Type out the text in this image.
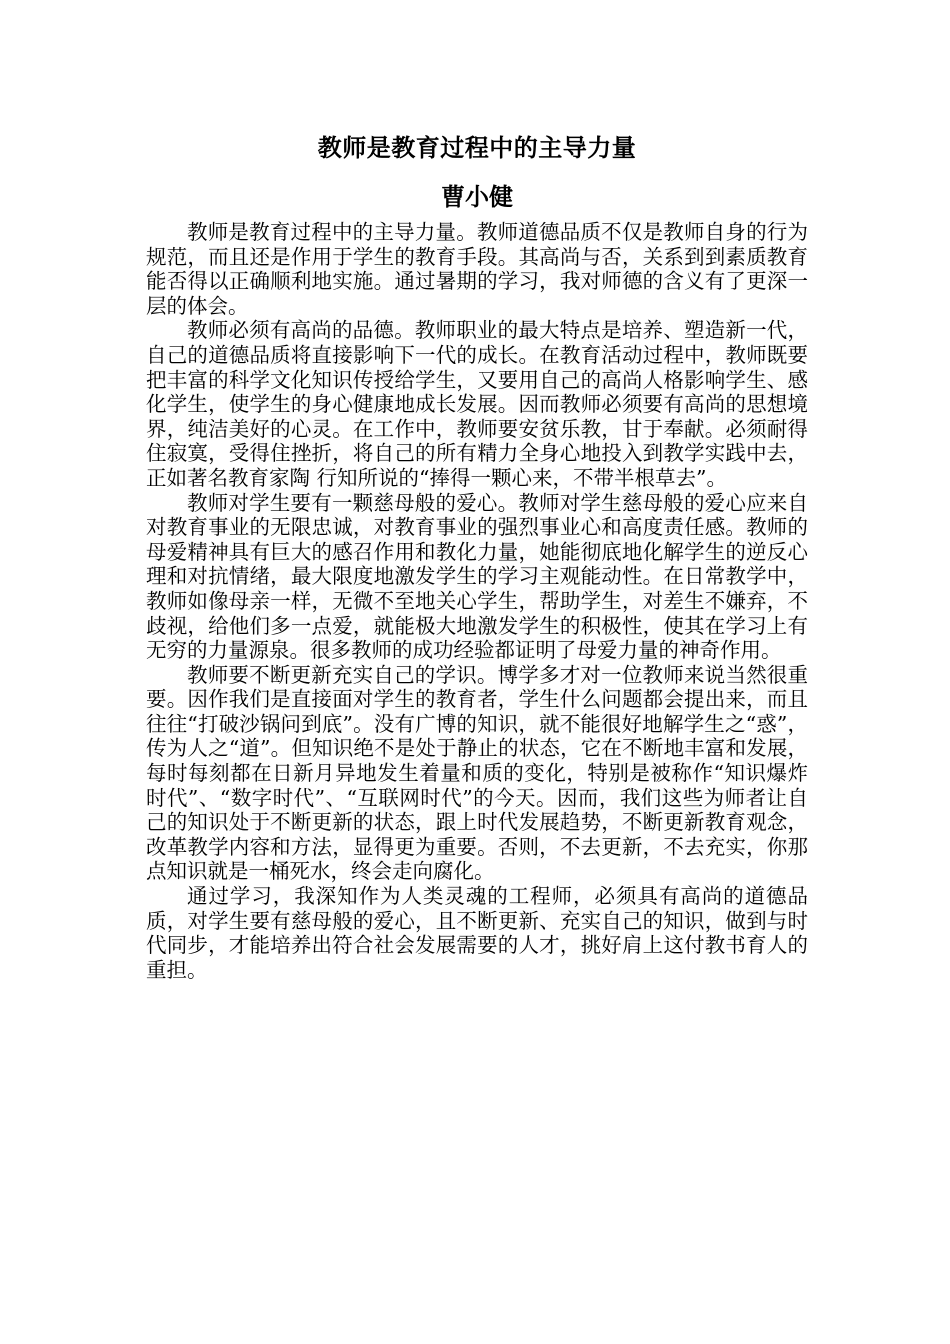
教师是教育过程中的主导力量
曹小健

教师是教育过程中的主导力量。教师道德品质不仅是教师自身的行为规范，而且还是作用于学生的教育手段。其高尚与否，关系到到素质教育能否得以正确顺利地实施。通过暑期的学习，我对师德的含义有了更深一层的体会。

教师必须有高尚的品德。教师职业的最大特点是培养、塑造新一代，自己的道德品质将直接影响下一代的成长。在教育活动过程中，教师既要把丰富的科学文化知识传授给学生，又要用自己的高尚人格影响学生、感化学生，使学生的身心健康地成长发展。因而教师必须要有高尚的思想境界，纯洁美好的心灵。在工作中，教师要安贫乐教，甘于奉献。必须耐得住寂寞，受得住挫折，将自己的所有精力全身心地投入到教学实践中去， 正如著名教育家陶 行知所说的“捧得一颗心来，不带半根草去”。

教师对学生要有一颗慈母般的爱心。教师对学生慈母般的爱心应来自对教育事业的无限忠诚，对教育事业的强烈事业心和高度责任感。教师的母爱精神具有巨大的感召作用和教化力量，她能彻底地化解学生的逆反心理和对抗情绪，最大限度地激发学生的学习主观能动性。在日常教学中，教师如像母亲一样，无微不至地关心学生，帮助学生，对差生不嫌弃，不歧视，给他们多一点爱，就能极大地激发学生的积极性，使其在学习上有无穷的力量源泉。很多教师的成功经验都证明了母爱力量的神奇作用。

教师要不断更新充实自己的学识。博学多才对一位教师来说当然很重要。因作我们是直接面对学生的教育者，学生什么问题都会提出来，而且往往“打破沙锅问到底”。没有广博的知识，就不能很好地解学生之“惑”，传为人之“道”。但知识绝不是处于静止的状态，它在不断地丰富和发展，每时每刻都在日新月异地发生着量和质的变化，特别是被称作“知识爆炸时代”、“数字时代”、“互联网时代”的今天。因而，我们这些为师者让自己的知识处于不断更新的状态，跟上时代发展趋势，不断更新教育观念，改革教学内容和方法，显得更为重要。否则，不去更新，不去充实，你那点知识就是一桶死水，终会走向腐化。

通过学习，我深知作为人类灵魂的工程师，必须具有高尚的道德品质，对学生要有慈母般的爱心，且不断更新、充实自己的知识，做到与时代同步，才能培养出符合社会发展需要的人才，挑好肩上这付教书育人的重担。
